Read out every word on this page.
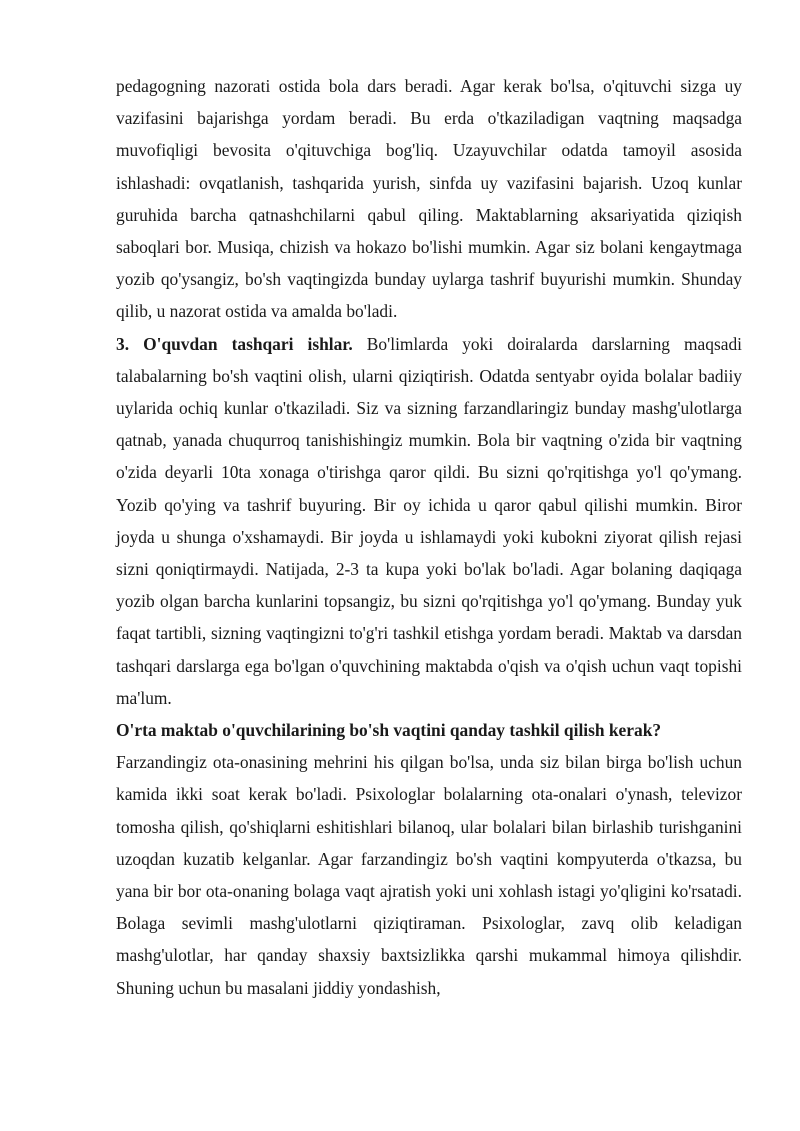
pedagogning nazorati ostida bola dars beradi. Agar kerak bo'lsa, o'qituvchi sizga uy vazifasini bajarishga yordam beradi. Bu erda o'tkaziladigan vaqtning maqsadga muvofiqligi bevosita o'qituvchiga bog'liq. Uzayuvchilar odatda tamoyil asosida ishlashadi: ovqatlanish, tashqarida yurish, sinfda uy vazifasini bajarish. Uzoq kunlar guruhida barcha qatnashchilarni qabul qiling. Maktablarning aksariyatida qiziqish saboqlari bor. Musiqa, chizish va hokazo bo'lishi mumkin. Agar siz bolani kengaytmaga yozib qo'ysangiz, bo'sh vaqtingizda bunday uylarga tashrif buyurishi mumkin. Shunday qilib, u nazorat ostida va amalda bo'ladi.

3. O'quvdan tashqari ishlar. Bo'limlarda yoki doiralarda darslarning maqsadi talabalarning bo'sh vaqtini olish, ularni qiziqtirish. Odatda sentyabr oyida bolalar badiiy uylarida ochiq kunlar o'tkaziladi. Siz va sizning farzandlaringiz bunday mashg'ulotlarga qatnab, yanada chuqurroq tanishishingiz mumkin. Bola bir vaqtning o'zida bir vaqtning o'zida deyarli 10ta xonaga o'tirishga qaror qildi. Bu sizni qo'rqitishga yo'l qo'ymang. Yozib qo'ying va tashrif buyuring. Bir oy ichida u qaror qabul qilishi mumkin. Biror joyda u shunga o'xshamaydi. Bir joyda u ishlamaydi yoki kubokni ziyorat qilish rejasi sizni qoniqtirmaydi. Natijada, 2-3 ta kupa yoki bo'lak bo'ladi. Agar bolaning daqiqaga yozib olgan barcha kunlarini topsangiz, bu sizni qo'rqitishga yo'l qo'ymang. Bunday yuk faqat tartibli, sizning vaqtingizni to'g'ri tashkil etishga yordam beradi. Maktab va darsdan tashqari darslarga ega bo'lgan o'quvchining maktabda o'qish va o'qish uchun vaqt topishi ma'lum.

O'rta maktab o'quvchilarining bo'sh vaqtini qanday tashkil qilish kerak?

Farzandingiz ota-onasining mehrini his qilgan bo'lsa, unda siz bilan birga bo'lish uchun kamida ikki soat kerak bo'ladi. Psixologlar bolalarning ota-onalari o'ynash, televizor tomosha qilish, qo'shiqlarni eshitishlari bilanoq, ular bolalari bilan birlashib turishganini uzoqdan kuzatib kelganlar. Agar farzandingiz bo'sh vaqtini kompyuterda o'tkazsa, bu yana bir bor ota-onaning bolaga vaqt ajratish yoki uni xohlash istagi yo'qligini ko'rsatadi. Bolaga sevimli mashg'ulotlarni qiziqtiraman. Psixologlar, zavq olib keladigan mashg'ulotlar, har qanday shaxsiy baxtsizlikka qarshi mukammal himoya qilishdir. Shuning uchun bu masalani jiddiy yondashish,
